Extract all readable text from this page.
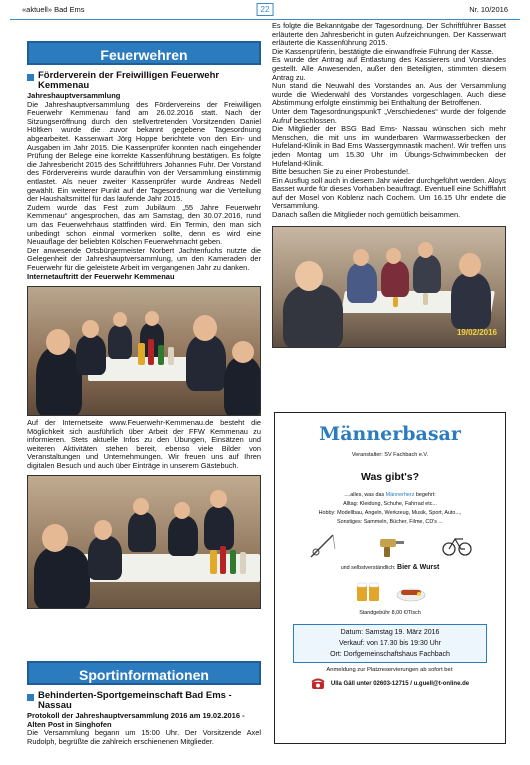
«aktuell» Bad Ems	22	Nr. 10/2016
Feuerwehren
Förderverein der Freiwilligen Feuerwehr Kemmenau
Jahreshauptversammlung

Die Jahreshauptversammlung des Fördervereins der Freiwilligen Feuerwehr Kemmenau fand am 26.02.2016 statt. Nach der Sitzungseröffnung durch den stellvertretenden Vorsitzenden Daniel Höltken wurde die zuvor bekannt gegebene Tagesordnung abgearbeitet. Kassenwart Jörg Hoppe berichtete von den Ein- und Ausgaben im Jahr 2015. Die Kassenprüfer konnten nach eingehender Prüfung der Belege eine korrekte Kassenführung bestätigen. Es folgte die Jahresbericht 2015 des Schriftführers Johannes Fuhr. Der Vorstand des Fördervereins wurde daraufhin von der Versammlung einstimmig entlastet. Als neuer zweiter Kassenprüfer wurde Andreas Nedell gewählt. Ein weiterer Punkt auf der Tagesordnung war die Verteilung der Haushaltsmittel für das laufende Jahr 2015.

Zudem wurde das Fest zum Jubiläum „55 Jahre Feuerwehr Kemmenau“ angesprochen, das am Samstag, den 30.07.2016, rund um das Feuerwehrhaus stattfinden wird. Ein Termin, den man sich unbedingt schon einmal vormerken sollte, denn es wird eine Neuauflage der beliebten Kölschen Feuerwehrnacht geben.

Der anwesende Ortsbürgermeister Norbert Jachtenfuchs nutzte die Gelegenheit der Jahreshauptversammlung, um den Kameraden der Feuerwehr für die geleistete Arbeit im vergangenen Jahr zu danken.

Internetauftritt der Feuerwehr Kemmenau

Auf der Internetseite www.Feuerwehr-Kemmenau.de besteht die Möglichkeit sich ausführlich über Arbeit der FFW Kemmenau zu informieren. Stets aktuelle Infos zu den Übungen, Einsätzen und weiteren Aktivitäten stehen bereit, ebenso viele Bilder von Veranstaltungen und Unternehmungen. Wir freuen uns auf Ihren digitalen Besuch und auch über Einträge in unserem Gästebuch.

Sportinformationen
Behinderten-Sportgemeinschaft Bad Ems - Nassau
Protokoll der Jahreshauptversammlung 2016 am 19.02.2016 - Alten Post in Singhofen

Die Versammlung begann um 15:00 Uhr. Der Vorsitzende Axel Rudolph, begrüßte die zahlreich erschienenen Mitglieder.

Es folgte die Bekanntgabe der Tagesordnung. Der Schriftführer Basset erläuterte den Jahresbericht in guten Aufzeichnungen. Der Kassenwart erläuterte die Kassenführung 2015.

Die Kassenprüferin, bestätigte die einwandfreie Führung der Kasse.

Es wurde der Antrag auf Entlastung des Kassierers und Vorstandes gestellt. Alle Anwesenden, außer den Beteiligten, stimmten diesem Antrag zu.

Nun stand die Neuwahl des Vorstandes an. Aus der Versammlung wurde die Wiederwahl des Vorstandes vorgeschlagen. Auch diese Abstimmung erfolgte einstimmig bei Enthaltung der Betroffenen.

Unter dem TagesordnungspunkT „Verschiedenes“ wurde der folgende Aufruf beschlossen.

Die Mitglieder der BSG Bad Ems- Nassau wünschen sich mehr Menschen, die mit uns im wunderbaren Warmwasserbecken der Hufeland-Klinik in Bad Ems Wassergymnastik machen!. Wir treffen uns jeden Montag um 15.30 Uhr im Übungs-Schwimmbecken der Hufeland-Klinik.

Bitte besuchen Sie zu einer Probestunde!.

Ein Ausflug soll auch in diesem Jahr wieder durchgeführt werden. Aloys Basset wurde für dieses Vorhaben beauftragt. Eventuell eine Schifffahrt auf der Mosel von Koblenz nach Cochem. Um 16.15 Uhr endete die Versammlung.

Danach saßen die Mitglieder noch gemütlich beisammen.

19/02/2016
Männerbasar
Veranstalter: SV Fachbach e.V.
Was gibt's?
....alles, was das Männerherz begehrt:
Alltag: Kleidung, Schuhe, Fahrrad etc...
Hobby: Modellbau, Angeln, Werkzeug, Musik, Sport, Auto...,
Sonstiges: Sammeln, Bücher, Filme, CD's ...
und selbstverständlich: Bier & Wurst
Standgebühr 8,00 €/Tisch
Datum: Samstag 19. März 2016
Verkauf: von 17.30 bis 19:30 Uhr
Ort: Dorfgemeinschaftshaus Fachbach
Anmeldung zur Platzreservierungen ab sofort bei:
Ulla Gäll unter 02603-12715 / u.guell@t-online.de
